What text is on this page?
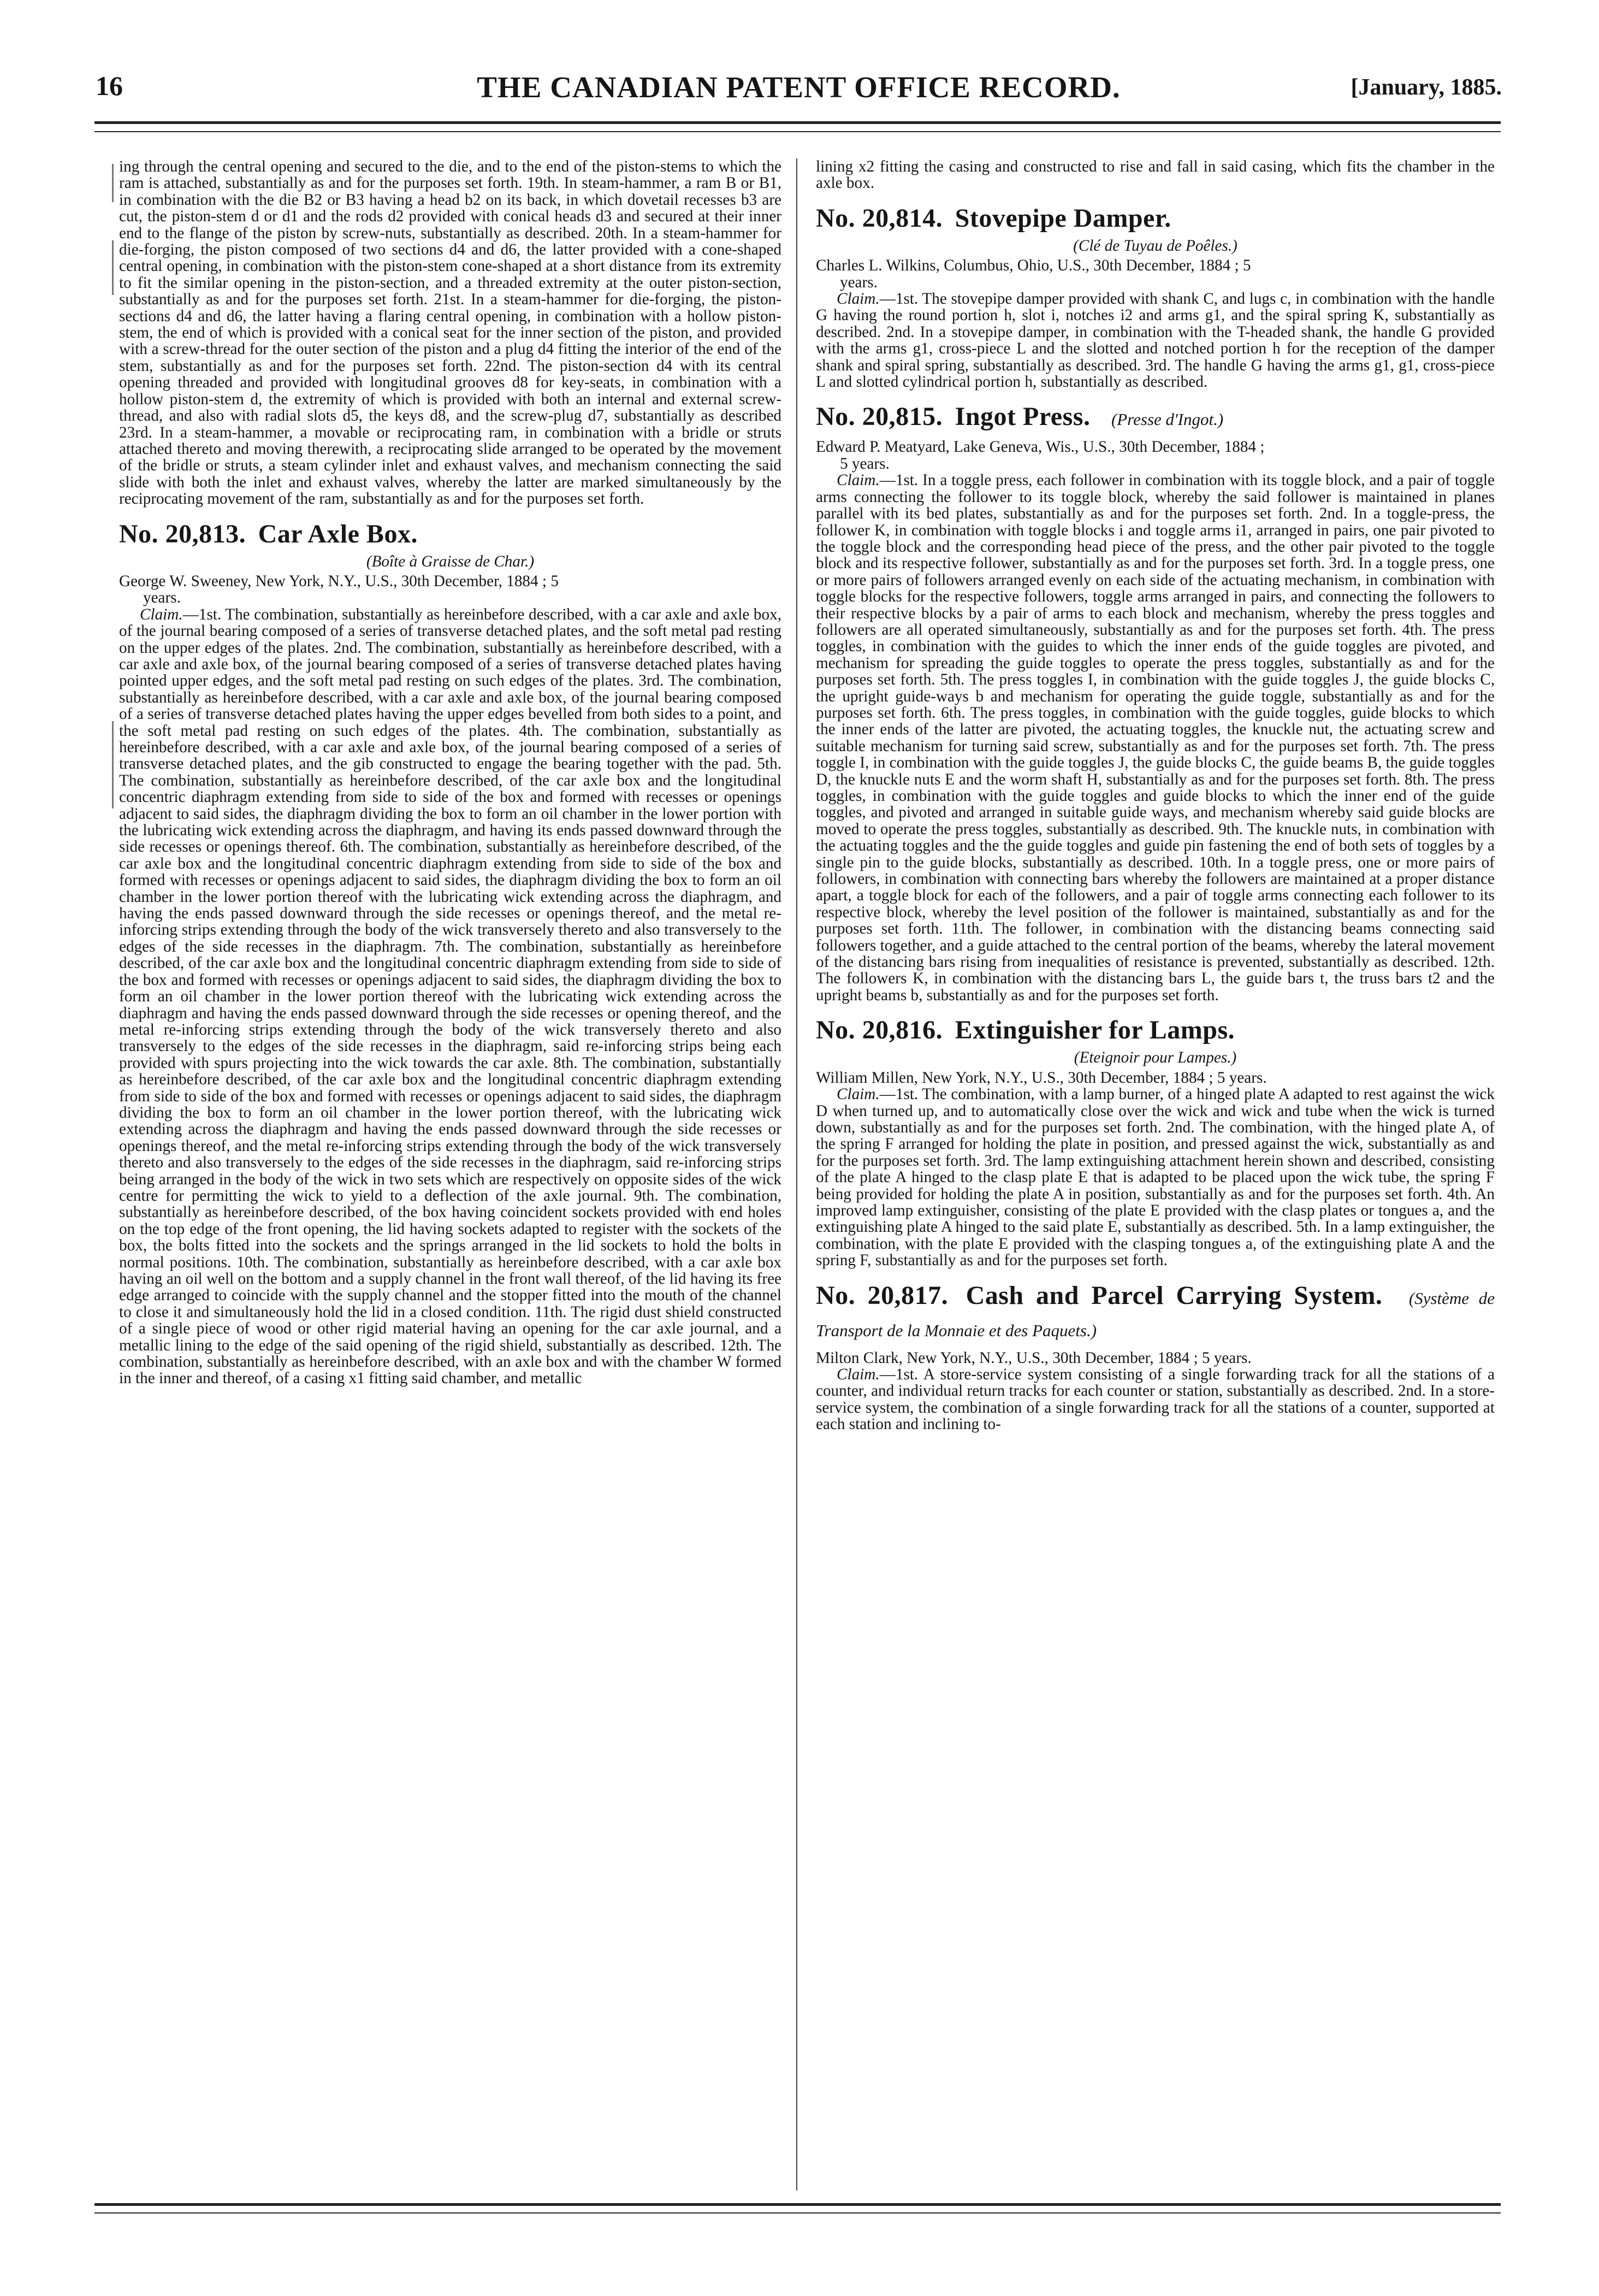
16	THE CANADIAN PATENT OFFICE RECORD.	[January, 1885.

ing through the central opening and secured to the die, and to the end of the piston-stems to which the ram is attached, substantially as and for the purposes set forth. 19th. In steam-hammer, a ram B or B1, in combination with the die B2 or B3 having a head b2 on its back, in which dovetail recesses b3 are cut, the piston-stem d or d1 and the rods d2 provided with conical heads d3 and secured at their inner end to the flange of the piston by screw-nuts, substantially as described. 20th. In a steam-hammer for die-forging, the piston composed of two sections d4 and d6, the latter provided with a cone-shaped central opening, in combination with the piston-stem cone-shaped at a short distance from its extremity to fit the similar opening in the piston-section, and a threaded extremity at the outer piston-section, substantially as and for the purposes set forth. 21st. In a steam-hammer for die-forging, the piston-sections d4 and d6, the latter having a flaring central opening, in combination with a hollow piston-stem, the end of which is provided with a conical seat for the inner section of the piston, and provided with a screw-thread for the outer section of the piston and a plug d4 fitting the interior of the end of the stem, substantially as and for the purposes set forth. 22nd. The piston-section d4 with its central opening threaded and provided with longitudinal grooves d8 for key-seats, in combination with a hollow piston-stem d, the extremity of which is provided with both an internal and external screw-thread, and also with radial slots d5, the keys d8, and the screw-plug d7, substantially as described 23rd. In a steam-hammer, a movable or reciprocating ram, in combination with a bridle or struts attached thereto and moving therewith, a reciprocating slide arranged to be operated by the movement of the bridle or struts, a steam cylinder inlet and exhaust valves, and mechanism connecting the said slide with both the inlet and exhaust valves, whereby the latter are marked simultaneously by the reciprocating movement of the ram, substantially as and for the purposes set forth.

No. 20,813. Car Axle Box.

(Boîte à Graisse de Char.)

George W. Sweeney, New York, N.Y., U.S., 30th December, 1884 ; 5
years.

Claim.—1st. The combination, substantially as hereinbefore described, with a car axle and axle box, of the journal bearing composed of a series of transverse detached plates, and the soft metal pad resting on the upper edges of the plates. 2nd. The combination, substantially as hereinbefore described, with a car axle and axle box, of the journal bearing composed of a series of transverse detached plates having pointed upper edges, and the soft metal pad resting on such edges of the plates. 3rd. The combination, substantially as hereinbefore described, with a car axle and axle box, of the journal bearing composed of a series of transverse detached plates having the upper edges bevelled from both sides to a point, and the soft metal pad resting on such edges of the plates. 4th. The combination, substantially as hereinbefore described, with a car axle and axle box, of the journal bearing composed of a series of transverse detached plates, and the gib constructed to engage the bearing together with the pad. 5th. The combination, substantially as hereinbefore described, of the car axle box and the longitudinal concentric diaphragm extending from side to side of the box and formed with recesses or openings adjacent to said sides, the diaphragm dividing the box to form an oil chamber in the lower portion with the lubricating wick extending across the diaphragm, and having its ends passed downward through the side recesses or openings thereof. 6th. The combination, substantially as hereinbefore described, of the car axle box and the longitudinal concentric diaphragm extending from side to side of the box and formed with recesses or openings adjacent to said sides, the diaphragm dividing the box to form an oil chamber in the lower portion thereof with the lubricating wick extending across the diaphragm, and having the ends passed downward through the side recesses or openings thereof, and the metal re-inforcing strips extending through the body of the wick transversely thereto and also transversely to the edges of the side recesses in the diaphragm. 7th. The combination, substantially as hereinbefore described, of the car axle box and the longitudinal concentric diaphragm extending from side to side of the box and formed with recesses or openings adjacent to said sides, the diaphragm dividing the box to form an oil chamber in the lower portion thereof with the lubricating wick extending across the diaphragm and having the ends passed downward through the side recesses or opening thereof, and the metal re-inforcing strips extending through the body of the wick transversely thereto and also transversely to the edges of the side recesses in the diaphragm, said re-inforcing strips being each provided with spurs projecting into the wick towards the car axle. 8th. The combination, substantially as hereinbefore described, of the car axle box and the longitudinal concentric diaphragm extending from side to side of the box and formed with recesses or openings adjacent to said sides, the diaphragm dividing the box to form an oil chamber in the lower portion thereof, with the lubricating wick extending across the diaphragm and having the ends passed downward through the side recesses or openings thereof, and the metal re-inforcing strips extending through the body of the wick transversely thereto and also transversely to the edges of the side recesses in the diaphragm, said re-inforcing strips being arranged in the body of the wick in two sets which are respectively on opposite sides of the wick centre for permitting the wick to yield to a deflection of the axle journal. 9th. The combination, substantially as hereinbefore described, of the box having coincident sockets provided with end holes on the top edge of the front opening, the lid having sockets adapted to register with the sockets of the box, the bolts fitted into the sockets and the springs arranged in the lid sockets to hold the bolts in normal positions. 10th. The combination, substantially as hereinbefore described, with a car axle box having an oil well on the bottom and a supply channel in the front wall thereof, of the lid having its free edge arranged to coincide with the supply channel and the stopper fitted into the mouth of the channel to close it and simultaneously hold the lid in a closed condition. 11th. The rigid dust shield constructed of a single piece of wood or other rigid material having an opening for the car axle journal, and a metallic lining to the edge of the said opening of the rigid shield, substantially as described. 12th. The combination, substantially as hereinbefore described, with an axle box and with the chamber W formed in the inner and thereof, of a casing x1 fitting said chamber, and metallic

lining x2 fitting the casing and constructed to rise and fall in said casing, which fits the chamber in the axle box.

No. 20,814. Stovepipe Damper.

(Clé de Tuyau de Poêles.)

Charles L. Wilkins, Columbus, Ohio, U.S., 30th December, 1884 ; 5
years.

Claim.—1st. The stovepipe damper provided with shank C, and lugs c, in combination with the handle G having the round portion h, slot i, notches i2 and arms g1, and the spiral spring K, substantially as described. 2nd. In a stovepipe damper, in combination with the T-headed shank, the handle G provided with the arms g1, cross-piece L and the slotted and notched portion h for the reception of the damper shank and spiral spring, substantially as described. 3rd. The handle G having the arms g1, g1, cross-piece L and slotted cylindrical portion h, substantially as described.

No. 20,815. Ingot Press. (Presse d'Ingot.)

Edward P. Meatyard, Lake Geneva, Wis., U.S., 30th December, 1884 ;
5 years.

Claim.—1st. In a toggle press, each follower in combination with its toggle block, and a pair of toggle arms connecting the follower to its toggle block, whereby the said follower is maintained in planes parallel with its bed plates, substantially as and for the purposes set forth. 2nd. In a toggle-press, the follower K, in combination with toggle blocks i and toggle arms i1, arranged in pairs, one pair pivoted to the toggle block and the corresponding head piece of the press, and the other pair pivoted to the toggle block and its respective follower, substantially as and for the purposes set forth. 3rd. In a toggle press, one or more pairs of followers arranged evenly on each side of the actuating mechanism, in combination with toggle blocks for the respective followers, toggle arms arranged in pairs, and connecting the followers to their respective blocks by a pair of arms to each block and mechanism, whereby the press toggles and followers are all operated simultaneously, substantially as and for the purposes set forth. 4th. The press toggles, in combination with the guides to which the inner ends of the guide toggles are pivoted, and mechanism for spreading the guide toggles to operate the press toggles, substantially as and for the purposes set forth. 5th. The press toggles I, in combination with the guide toggles J, the guide blocks C, the upright guide-ways b and mechanism for operating the guide toggle, substantially as and for the purposes set forth. 6th. The press toggles, in combination with the guide toggles, guide blocks to which the inner ends of the latter are pivoted, the actuating toggles, the knuckle nut, the actuating screw and suitable mechanism for turning said screw, substantially as and for the purposes set forth. 7th. The press toggle I, in combination with the guide toggles J, the guide blocks C, the guide beams B, the guide toggles D, the knuckle nuts E and the worm shaft H, substantially as and for the purposes set forth. 8th. The press toggles, in combination with the guide toggles and guide blocks to which the inner end of the guide toggles, and pivoted and arranged in suitable guide ways, and mechanism whereby said guide blocks are moved to operate the press toggles, substantially as described. 9th. The knuckle nuts, in combination with the actuating toggles and the the guide toggles and guide pin fastening the end of both sets of toggles by a single pin to the guide blocks, substantially as described. 10th. In a toggle press, one or more pairs of followers, in combination with connecting bars whereby the followers are maintained at a proper distance apart, a toggle block for each of the followers, and a pair of toggle arms connecting each follower to its respective block, whereby the level position of the follower is maintained, substantially as and for the purposes set forth. 11th. The follower, in combination with the distancing beams connecting said followers together, and a guide attached to the central portion of the beams, whereby the lateral movement of the distancing bars rising from inequalities of resistance is prevented, substantially as described. 12th. The followers K, in combination with the distancing bars L, the guide bars t, the truss bars t2 and the upright beams b, substantially as and for the purposes set forth.

No. 20,816. Extinguisher for Lamps.

(Eteignoir pour Lampes.)

William Millen, New York, N.Y., U.S., 30th December, 1884 ; 5 years.

Claim.—1st. The combination, with a lamp burner, of a hinged plate A adapted to rest against the wick D when turned up, and to automatically close over the wick and wick and tube when the wick is turned down, substantially as and for the purposes set forth. 2nd. The combination, with the hinged plate A, of the spring F arranged for holding the plate in position, and pressed against the wick, substantially as and for the purposes set forth. 3rd. The lamp extinguishing attachment herein shown and described, consisting of the plate A hinged to the clasp plate E that is adapted to be placed upon the wick tube, the spring F being provided for holding the plate A in position, substantially as and for the purposes set forth. 4th. An improved lamp extinguisher, consisting of the plate E provided with the clasp plates or tongues a, and the extinguishing plate A hinged to the said plate E, substantially as described. 5th. In a lamp extinguisher, the combination, with the plate E provided with the clasping tongues a, of the extinguishing plate A and the spring F, substantially as and for the purposes set forth.

No. 20,817. Cash and Parcel Carrying System. (Système de Transport de la Monnaie et des Paquets.)

Milton Clark, New York, N.Y., U.S., 30th December, 1884 ; 5 years.

Claim.—1st. A store-service system consisting of a single forwarding track for all the stations of a counter, and individual return tracks for each counter or station, substantially as described. 2nd. In a store-service system, the combination of a single forwarding track for all the stations of a counter, supported at each station and inclining to-
